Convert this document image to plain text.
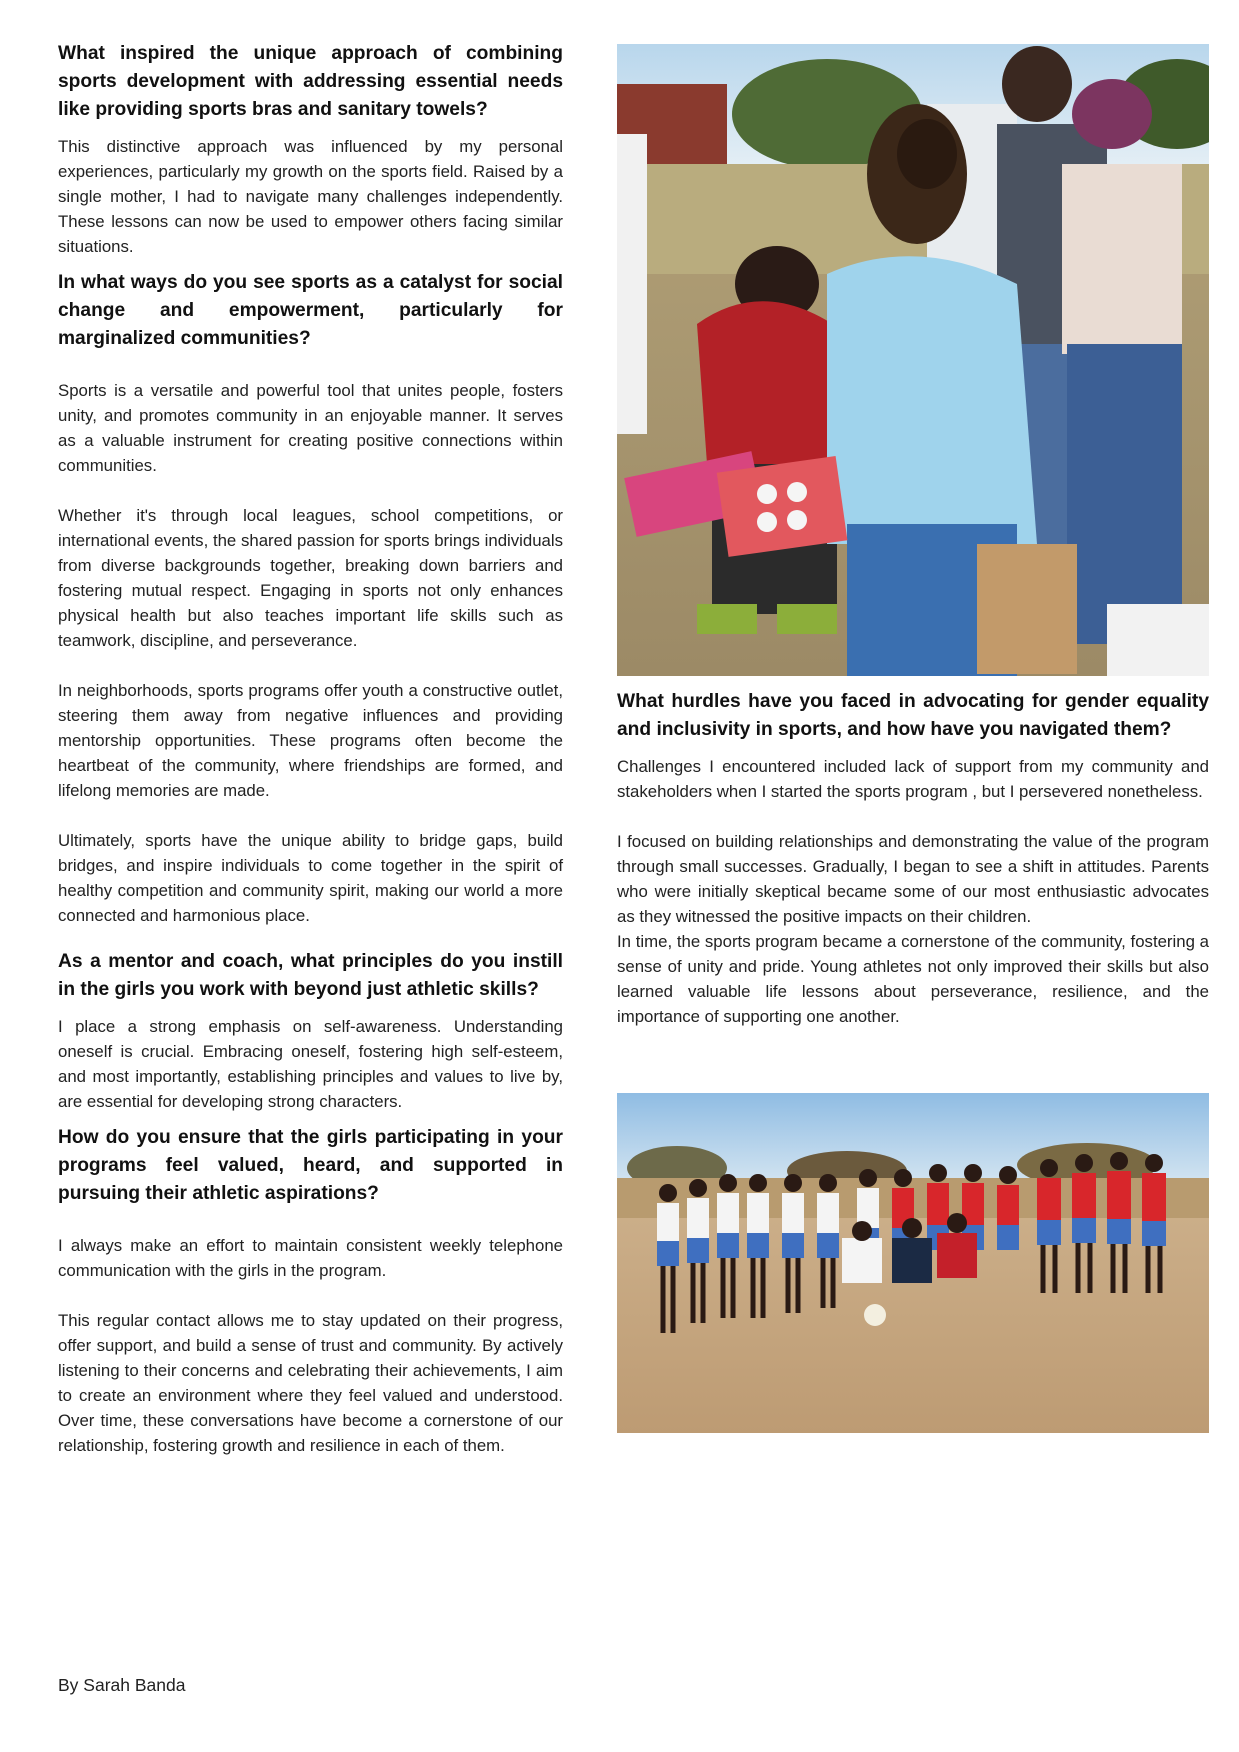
What inspired the unique approach of combining sports development with addressing essential needs like providing sports bras and sanitary towels?

This distinctive approach was influenced by my personal experiences, particularly my growth on the sports field. Raised by a single mother, I had to navigate many challenges independently. These lessons can now be used to empower others facing similar situations.

In what ways do you see sports as a catalyst for social change and empowerment, particularly for marginalized communities?

Sports is a versatile and powerful tool that unites people, fosters unity, and promotes community in an enjoyable manner. It serves as a valuable instrument for creating positive connections within communities.

Whether it's through local leagues, school competitions, or international events, the shared passion for sports brings individuals from diverse backgrounds together, breaking down barriers and fostering mutual respect. Engaging in sports not only enhances physical health but also teaches important life skills such as teamwork, discipline, and perseverance.

In neighborhoods, sports programs offer youth a constructive outlet, steering them away from negative influences and providing mentorship opportunities. These programs often become the heartbeat of the community, where friendships are formed, and lifelong memories are made.

Ultimately, sports have the unique ability to bridge gaps, build bridges, and inspire individuals to come together in the spirit of healthy competition and community spirit, making our world a more connected and harmonious place.

As a mentor and coach, what principles do you instill in the girls you work with beyond just athletic skills?

I place a strong emphasis on self-awareness. Understanding oneself is crucial. Embracing oneself, fostering high self-esteem, and most importantly, establishing principles and values to live by, are essential for developing strong characters.

How do you ensure that the girls participating in your programs feel valued, heard, and supported in pursuing their athletic aspirations?

I always make an effort to maintain consistent weekly telephone communication with the girls in the program.

This regular contact allows me to stay updated on their progress, offer support, and build a sense of trust and community. By actively listening to their concerns and celebrating their achievements, I aim to create an environment where they feel valued and understood. Over time, these conversations have become a cornerstone of our relationship, fostering growth and resilience in each of them.

What hurdles have you faced in advocating for gender equality and inclusivity in sports, and how have you navigated them?

Challenges I encountered included lack of support from my community and stakeholders when I started the sports program , but I persevered nonetheless.

I focused on building relationships and demonstrating the value of the program through small successes. Gradually, I began to see a shift in attitudes. Parents who were initially skeptical became some of our most enthusiastic advocates as they witnessed the positive impacts on their children.

In time, the sports program became a cornerstone of the community, fostering a sense of unity and pride. Young athletes not only improved their skills but also learned valuable life lessons about perseverance, resilience, and the importance of supporting one another.

By Sarah Banda
